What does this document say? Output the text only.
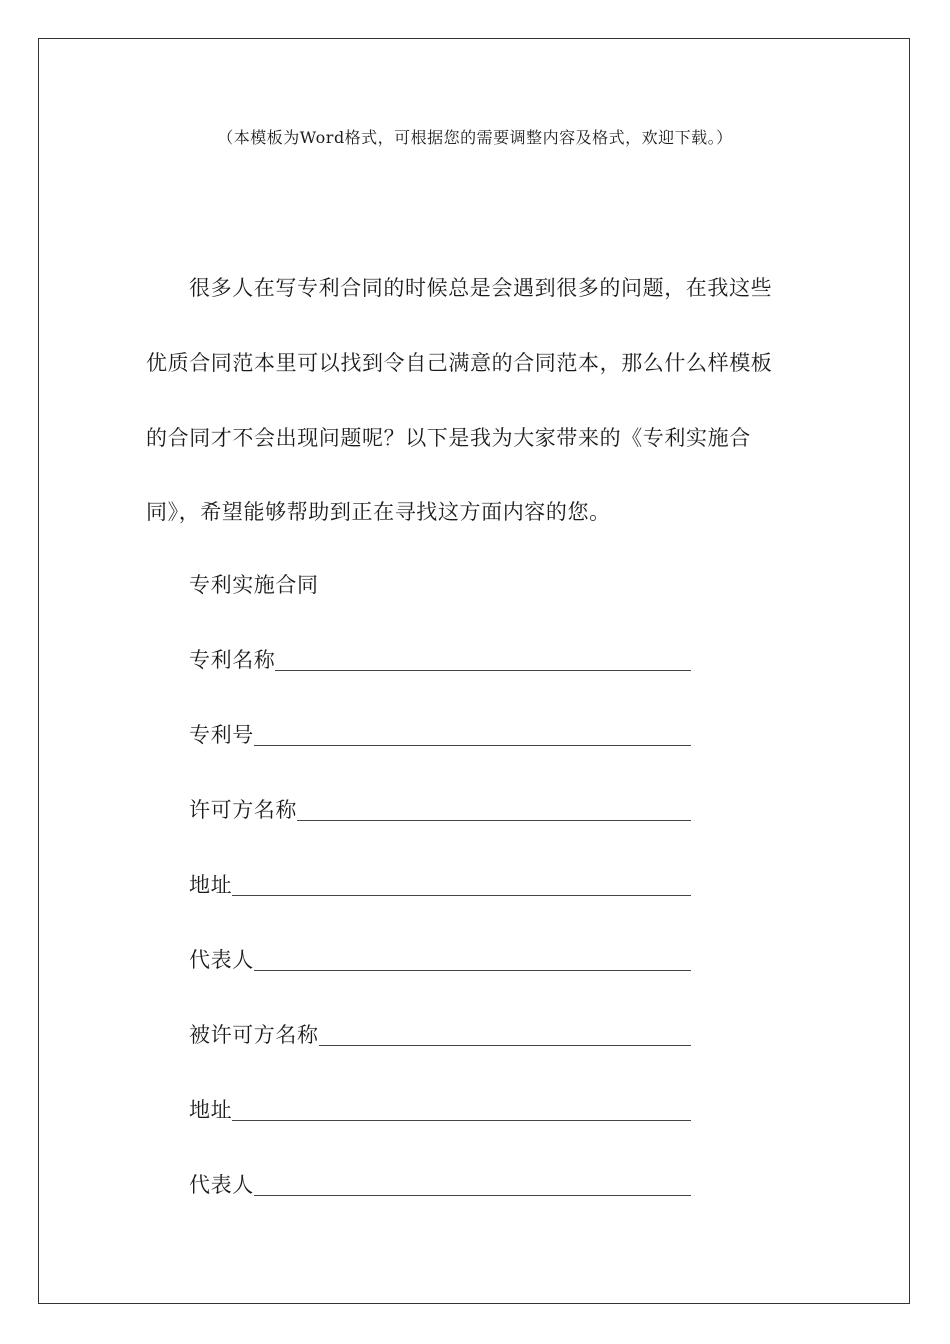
（本模板为Word格式，可根据您的需要调整内容及格式，欢迎下载。）
很多人在写专利合同的时候总是会遇到很多的问题，在我这些
优质合同范本里可以找到令自己满意的合同范本，那么什么样模板
的合同才不会出现问题呢？以下是我为大家带来的《专利实施合
同》，希望能够帮助到正在寻找这方面内容的您。
专利实施合同
专利名称
专利号
许可方名称
地址
代表人
被许可方名称
地址
代表人
